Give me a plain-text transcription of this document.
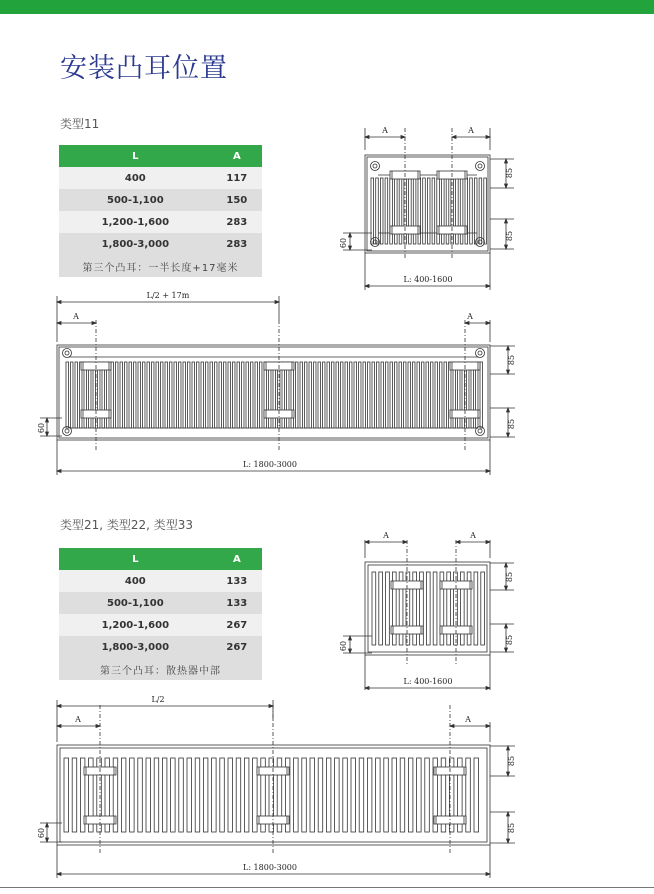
安装凸耳位置
类型11
L	A
400	117
500-1,100	150
1,200-1,600	283
1,800-3,000	283
第三个凸耳：一半长度+17毫米	
类型21, 类型22, 类型33
L	A
400	133
500-1,100	133
1,200-1,600	267
1,800-3,000	267
第三个凸耳：散热器中部	
A	A
85
85
60
L: 400-1600
L/2 + 17m
A	A
85
85
60
L: 1800-3000
A	A
85
85
60
L: 400-1600
L/2
A	A
85
85
60
L: 1800-3000
